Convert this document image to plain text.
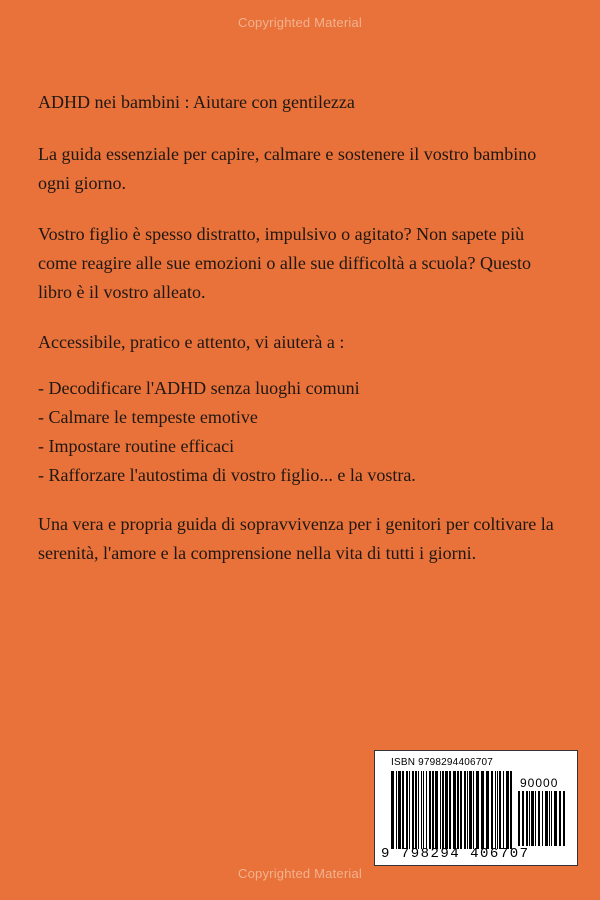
Copyrighted Material
ADHD nei bambini : Aiutare con gentilezza
La guida essenziale per capire, calmare e sostenere il vostro bambino ogni giorno.
Vostro figlio è spesso distratto, impulsivo o agitato? Non sapete più come reagire alle sue emozioni o alle sue difficoltà a scuola? Questo libro è il vostro alleato.
Accessibile, pratico e attento, vi aiuterà a :
- Decodificare l'ADHD senza luoghi comuni
- Calmare le tempeste emotive
- Impostare routine efficaci
- Rafforzare l'autostima di vostro figlio... e la vostra.
Una vera e propria guida di sopravvivenza per i genitori per coltivare la serenità, l'amore e la comprensione nella vita di tutti i giorni.
ISBN 9798294406707
90000
9 798294 406707
Copyrighted Material
